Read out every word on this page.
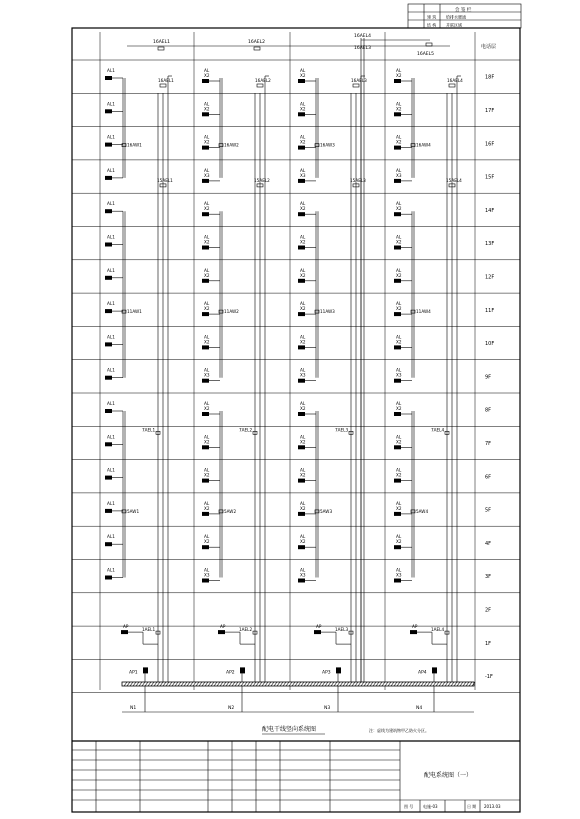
会 签 栏
建 筑 给排水暖通
结 构 并联区域
电话层
18F
17F
16F
15F
14F
13F
12F
11F
10F
9F
8F
7F
6F
5F
4F
3F
2F
1F
-1F
AL1
AL1
AL1
AL1
AL1
AL1
AL1
AL1
AL1
AL1
AL1
AL1
AL1
AL1
AL1
AL1
16AW1
11AW1
5AW1
16AEL1
15AEL1
7AEL1
1AEL1
AP
AP1
AL
X2
AL
X2
AL
X2
AL
X3
AL
X2
AL
X2
AL
X2
AL
X2
AL
X2
AL
X3
AL
X2
AL
X2
AL
X2
AL
X2
AL
X2
AL
X3
16AW2
11AW2
5AW2
16AEL2
15AEL2
7AEL2
1AEL2
AP
AP2
AL
X2
AL
X2
AL
X2
AL
X3
AL
X2
AL
X2
AL
X2
AL
X2
AL
X2
AL
X3
AL
X2
AL
X2
AL
X2
AL
X2
AL
X2
AL
X3
16AW3
11AW3
5AW3
16AEL3
15AEL3
7AEL3
1AEL3
AP
AP3
AL
X2
AL
X2
AL
X2
AL
X3
AL
X2
AL
X2
AL
X2
AL
X2
AL
X2
AL
X3
AL
X2
AL
X2
AL
X2
AL
X2
AL
X2
AL
X3
16AW4
11AW4
5AW4
16AEL4
15AEL4
7AEL4
1AEL4
AP
AP4
16AEL1	16AEL2
16AEL4
16AEL3
16AEL5
N1	N2	N3	N4
配电干线竖向系统图	注：虚线为建筑物甲乙防火分区。
配电系统图（一）
图 号 电施-03	日 期 2013.03
